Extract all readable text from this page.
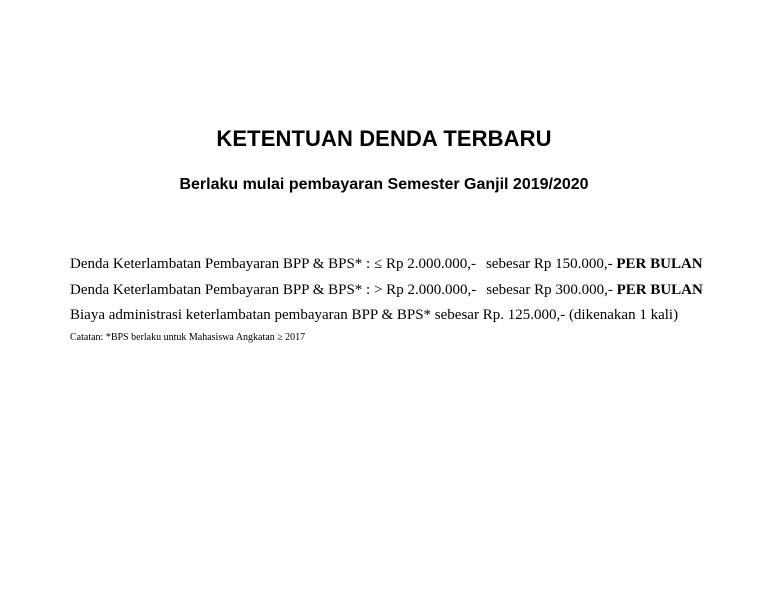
KETENTUAN DENDA TERBARU
Berlaku mulai pembayaran Semester Ganjil 2019/2020

Denda Keterlambatan Pembayaran BPP & BPS* : ≤ Rp 2.000.000,- sebesar Rp 150.000,- PER BULAN

Denda Keterlambatan Pembayaran BPP & BPS* : > Rp 2.000.000,- sebesar Rp 300.000,- PER BULAN

Biaya administrasi keterlambatan pembayaran BPP & BPS* sebesar Rp. 125.000,- (dikenakan 1 kali)

Catatan: *BPS berlaku untuk Mahasiswa Angkatan ≥ 2017
